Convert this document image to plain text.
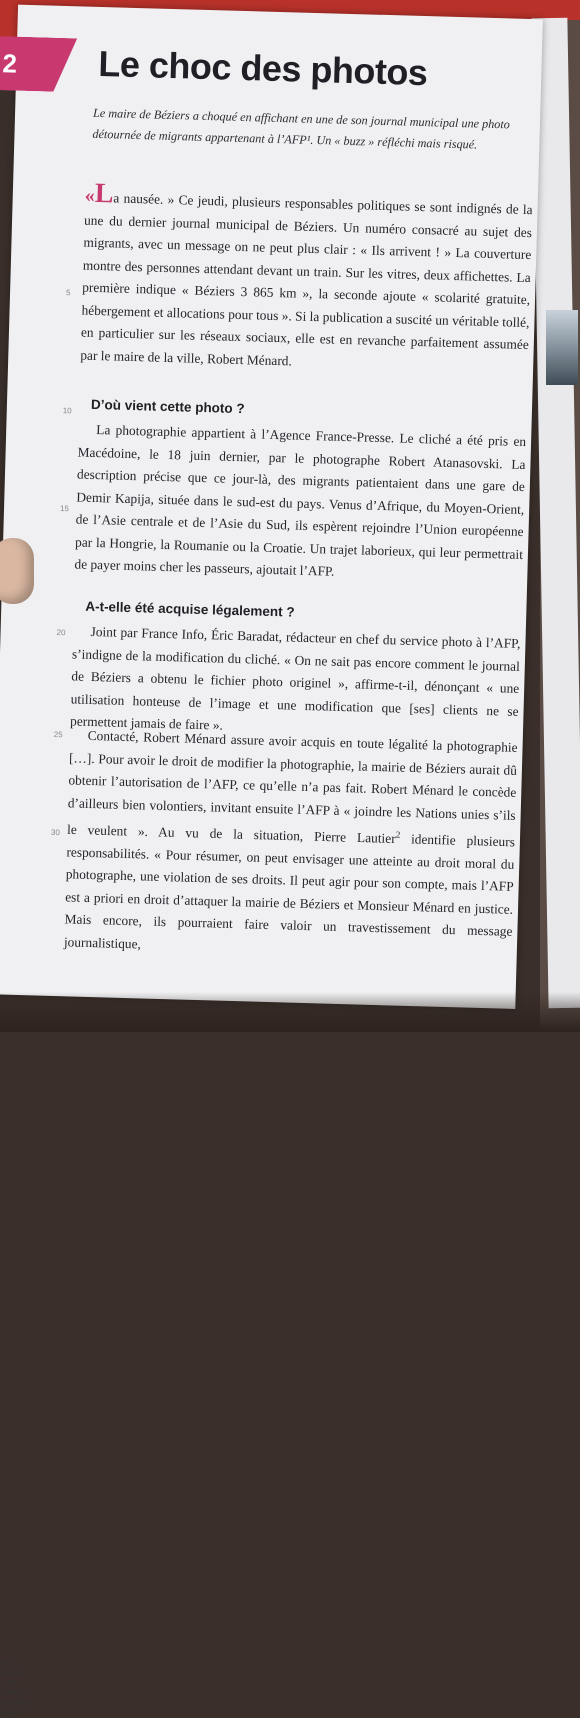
ce
tée en
ir la
mation.
ste de la
uelle.
2	Le choc des photos
Le maire de Béziers a choqué en affichant en une de son journal municipal une photo détournée de migrants appartenant à l’AFP¹. Un « buzz » réfléchi mais risqué.
«La nausée. » Ce jeudi, plusieurs responsables politiques se sont indignés de la une du dernier journal municipal de Béziers. Un numéro consacré au sujet des migrants, avec un message on ne peut plus clair : « Ils arrivent ! » La couverture montre des personnes attendant devant un train. Sur les vitres, deux affichettes. La première indique « Béziers 3 865 km », la seconde ajoute « scolarité gratuite, hébergement et allocations pour tous ». Si la publication a suscité un véritable tollé, en particulier sur les réseaux sociaux, elle est en revanche parfaitement assumée par le maire de la ville, Robert Ménard.
D’où vient cette photo ?
La photographie appartient à l’Agence France-Presse. Le cliché a été pris en Macédoine, le 18 juin dernier, par le photographe Robert Atanasovski. La description précise que ce jour-là, des migrants patientaient dans une gare de Demir Kapija, située dans le sud-est du pays. Venus d’Afrique, du Moyen-Orient, de l’Asie centrale et de l’Asie du Sud, ils espèrent rejoindre l’Union européenne par la Hongrie, la Roumanie ou la Croatie. Un trajet laborieux, qui leur permettrait de payer moins cher les passeurs, ajoutait l’AFP.
A-t-elle été acquise légalement ?
Joint par France Info, Éric Baradat, rédacteur en chef du service photo à l’AFP, s’indigne de la modification du cliché. « On ne sait pas encore comment le journal de Béziers a obtenu le fichier photo originel », affirme-t-il, dénonçant « une utilisation honteuse de l’image et une modification que [ses] clients ne se permettent jamais de faire ».
Contacté, Robert Ménard assure avoir acquis en toute légalité la photographie […]. Pour avoir le droit de modifier la photographie, la mairie de Béziers aurait dû obtenir l’autorisation de l’AFP, ce qu’elle n’a pas fait. Robert Ménard le concède d’ailleurs bien volontiers, invitant ensuite l’AFP à « joindre les Nations unies s’ils le veulent ». Au vu de la situation, Pierre Lautier$^2$ identifie plusieurs responsabilités. « Pour résumer, on peut envisager une atteinte au droit moral du photographe, une violation de ses droits. Il peut agir pour son compte, mais l’AFP est a priori en droit d’attaquer la mairie de Béziers et Monsieur Ménard en justice. Mais encore, ils pourraient faire valoir un travestissement du message journalistique,
5
10
15
20
25
30
